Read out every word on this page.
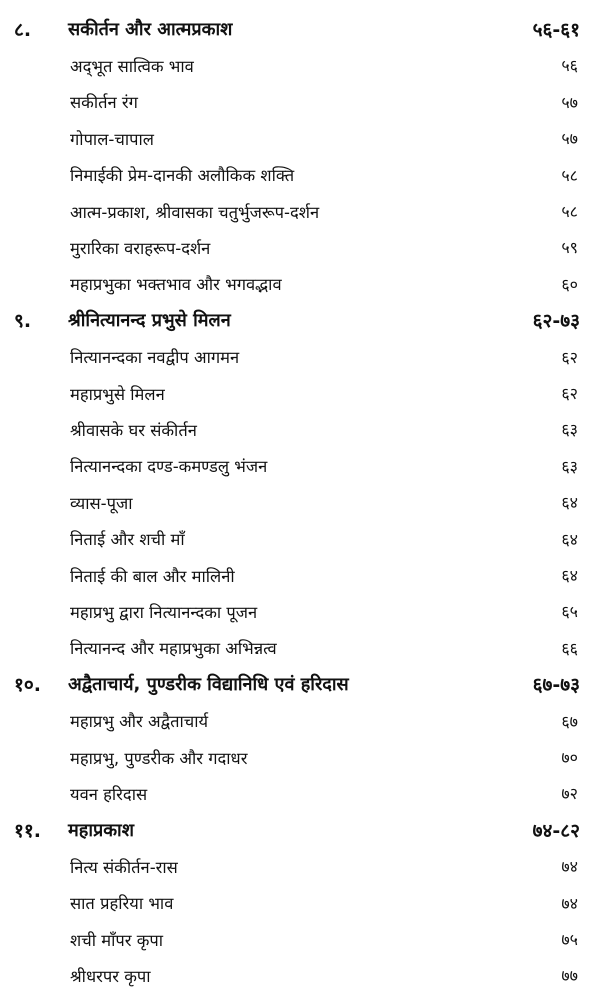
८. सकीर्तन और आत्मप्रकाश	५६-६१
अद्‌भूत सात्विक भाव	५६
सकीर्तन रंग	५७
गोपाल-चापाल	५७
निमाईकी प्रेम-दानकी अलौकिक शक्ति	५८
आत्म-प्रकाश, श्रीवासका चतुर्भुजरूप-दर्शन	५८
मुरारिका वराहरूप-दर्शन	५९
महाप्रभुका भक्तभाव और भगवद्भाव	६०
९. श्रीनित्यानन्द प्रभुसे मिलन	६२-७३
नित्यानन्दका नवद्वीप आगमन	६२
महाप्रभुसे मिलन	६२
श्रीवासके घर संकीर्तन	६३
नित्यानन्दका दण्ड-कमण्डलु भंजन	६३
व्यास-पूजा	६४
निताई और शची माँ	६४
निताई की बाल और मालिनी	६४
महाप्रभु द्वारा नित्यानन्दका पूजन	६५
नित्यानन्द और महाप्रभुका अभिन्नत्व	६६
१०. अद्वैताचार्य, पुण्डरीक विद्यानिधि एवं हरिदास	६७-७३
महाप्रभु और अद्वैताचार्य	६७
महाप्रभु, पुण्डरीक और गदाधर	७०
यवन हरिदास	७२
११. महाप्रकाश	७४-८२
नित्य संकीर्तन-रास	७४
सात प्रहरिया भाव	७४
शची माँपर कृपा	७५
श्रीधरपर कृपा	७७
